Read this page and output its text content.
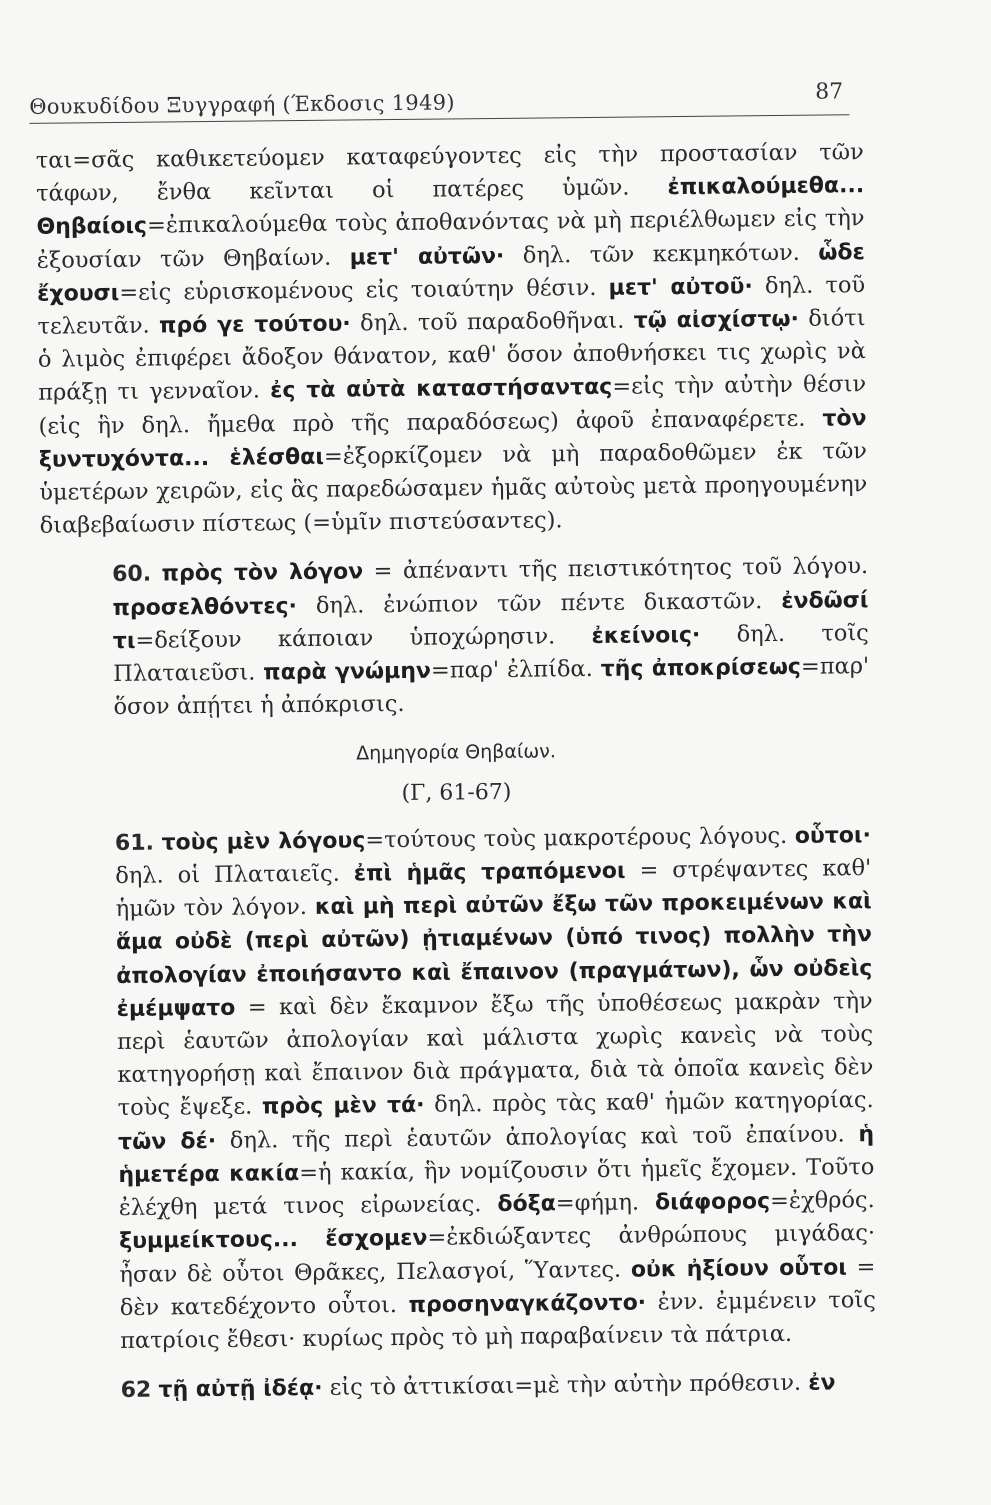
Θουκυδίδου Ξυγγραφή (Έκδοσις 1949)	87

ται=σᾶς καθικετεύομεν καταφεύγοντες εἰς τὴν προστασίαν τῶν τάφων, ἔνθα κεῖνται οἱ πατέρες ὑμῶν. ἐπικαλούμεθα... Θηβαίοις=ἐπικαλούμεθα τοὺς ἀποθανόντας νὰ μὴ περιέλθωμεν εἰς τὴν ἐξουσίαν τῶν Θηβαίων. μετ' αὐτῶν· δηλ. τῶν κεκμηκότων. ὧδε ἔχουσι=εἰς εὑρισκομένους εἰς τοιαύτην θέσιν. μετ' αὐτοῦ· δηλ. τοῦ τελευτᾶν. πρό γε τούτου· δηλ. τοῦ παραδοθῆναι. τῷ αἰσχίστῳ· διότι ὁ λιμὸς ἐπιφέρει ἄδοξον θάνατον, καθ' ὅσον ἀποθνήσκει τις χωρὶς νὰ πράξῃ τι γενναῖον. ἐς τὰ αὐτὰ καταστήσαντας=εἰς τὴν αὐτὴν θέσιν (εἰς ἣν δηλ. ἤμεθα πρὸ τῆς παραδόσεως) ἀφοῦ ἐπαναφέρετε. τὸν ξυντυχόντα... ἑλέσθαι=ἐξορκίζομεν νὰ μὴ παραδοθῶμεν ἐκ τῶν ὑμετέρων χειρῶν, εἰς ἃς παρεδώσαμεν ἡμᾶς αὐτοὺς μετὰ προηγουμένην διαβεβαίωσιν πίστεως (=ὑμῖν πιστεύσαντες).

60. πρὸς τὸν λόγον = ἀπέναντι τῆς πειστικότητος τοῦ λόγου. προσελθόντες· δηλ. ἐνώπιον τῶν πέντε δικαστῶν. ἐνδῶσί τι=δείξουν κάποιαν ὑποχώρησιν. ἐκείνοις· δηλ. τοῖς Πλαταιεῦσι. παρὰ γνώμην=παρ' ἐλπίδα. τῆς ἀποκρίσεως=παρ' ὅσον ἀπῄτει ἡ ἀπόκρισις.

Δημηγορία Θηβαίων.
(Γ, 61-67)

61. τοὺς μὲν λόγους=τούτους τοὺς μακροτέρους λόγους. οὗτοι· δηλ. οἱ Πλαταιεῖς. ἐπὶ ἡμᾶς τραπόμενοι = στρέψαντες καθ' ἡμῶν τὸν λόγον. καὶ μὴ περὶ αὐτῶν ἔξω τῶν προκειμένων καὶ ἅμα οὐδὲ (περὶ αὐτῶν) ᾐτιαμένων (ὑπό τινος) πολλὴν τὴν ἀπολογίαν ἐποιήσαντο καὶ ἔπαινον (πραγμάτων), ὧν οὐδεὶς ἐμέμψατο = καὶ δὲν ἔκαμνον ἔξω τῆς ὑποθέσεως μακρὰν τὴν περὶ ἑαυτῶν ἀπολογίαν καὶ μάλιστα χωρὶς κανεὶς νὰ τοὺς κατηγορήσῃ καὶ ἔπαινον διὰ πράγματα, διὰ τὰ ὁποῖα κανεὶς δὲν τοὺς ἔψεξε. πρὸς μὲν τά· δηλ. πρὸς τὰς καθ' ἡμῶν κατηγορίας. τῶν δέ· δηλ. τῆς περὶ ἑαυτῶν ἀπολογίας καὶ τοῦ ἐπαίνου. ἡ ἡμετέρα κακία=ἡ κακία, ἣν νομίζουσιν ὅτι ἡμεῖς ἔχομεν. Τοῦτο ἐλέχθη μετά τινος εἰρωνείας. δόξα=φήμη. διάφορος=ἐχθρός. ξυμμείκτους... ἔσχομεν=ἐκδιώξαντες ἀνθρώπους μιγάδας· ἦσαν δὲ οὗτοι Θρᾶκες, Πελασγοί, Ὕαντες. οὐκ ἠξίουν οὗτοι = δὲν κατεδέχοντο οὗτοι. προσηναγκάζοντο· ἐνν. ἐμμένειν τοῖς πατρίοις ἔθεσι· κυρίως πρὸς τὸ μὴ παραβαίνειν τὰ πάτρια.

62 τῇ αὐτῇ ἰδέᾳ· εἰς τὸ ἀττικίσαι=μὲ τὴν αὐτὴν πρόθεσιν. ἐν
